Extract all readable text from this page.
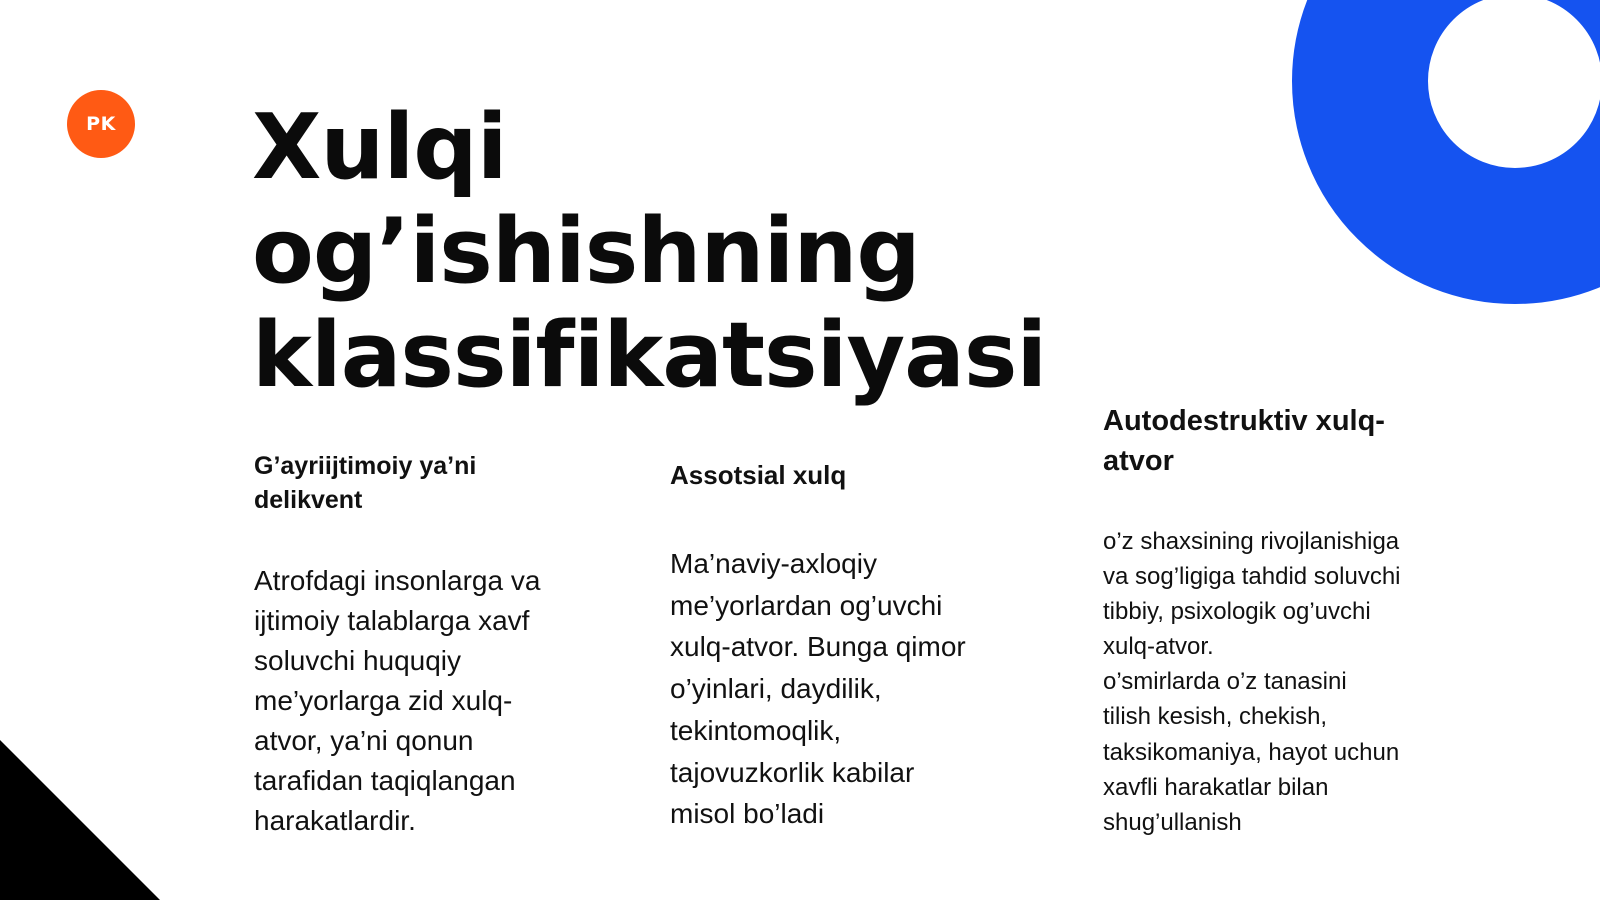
PK Xulqi
og’ishishning
klassifikatsiyasi
G’ayriijtimoiy ya’ni
delikvent

Atrofdagi insonlarga va
ijtimoiy talablarga xavf
soluvchi huquqiy
me’yorlarga zid xulq-
atvor, ya’ni qonun
tarafidan taqiqlangan
harakatlardir.

Assotsial xulq

Ma’naviy-axloqiy
me’yorlardan og’uvchi
xulq-atvor. Bunga qimor
o’yinlari, daydilik,
tekintomoqlik,
tajovuzkorlik kabilar
misol bo’ladi

Autodestruktiv xulq-
atvor

o’z shaxsining rivojlanishiga
va sog’ligiga tahdid soluvchi
tibbiy, psixologik og’uvchi
xulq-atvor.
o’smirlarda o’z tanasini
tilish kesish, chekish,
taksikomaniya, hayot uchun
xavfli harakatlar bilan
shug’ullanish
